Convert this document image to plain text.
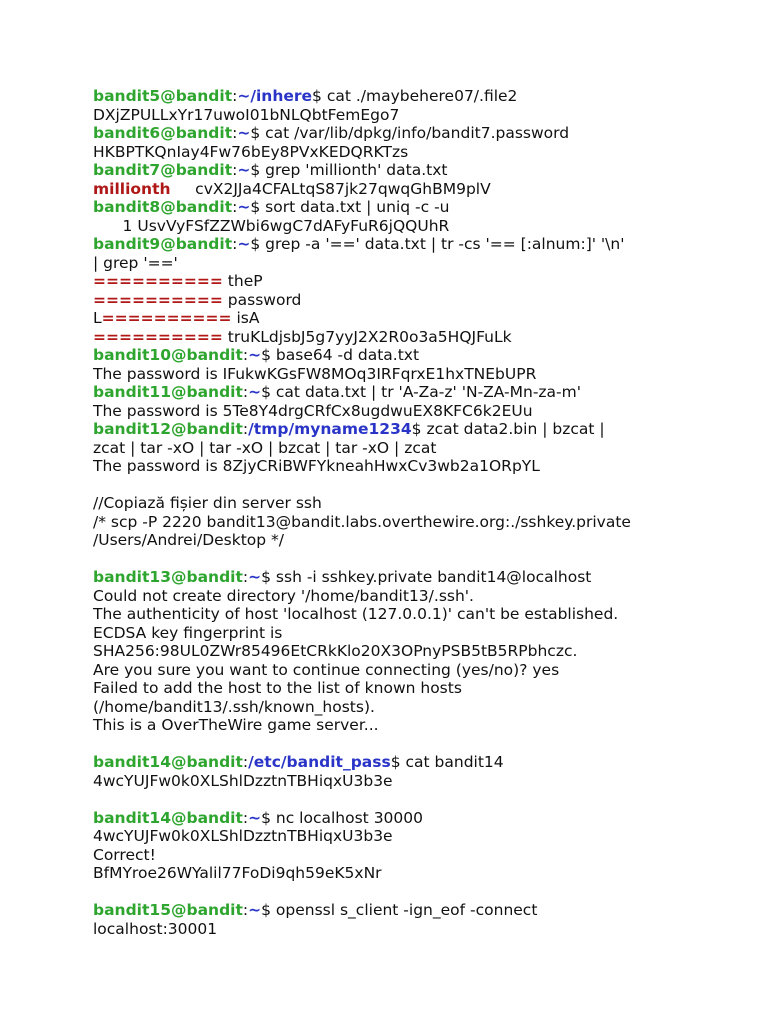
bandit5@bandit:~/inhere$ cat ./maybehere07/.file2
DXjZPULLxYr17uwoI01bNLQbtFemEgo7
bandit6@bandit:~$ cat /var/lib/dpkg/info/bandit7.password
HKBPTKQnIay4Fw76bEy8PVxKEDQRKTzs
bandit7@bandit:~$ grep 'millionth' data.txt
millionth     cvX2JJa4CFALtqS87jk27qwqGhBM9plV
bandit8@bandit:~$ sort data.txt | uniq -c -u
1 UsvVyFSfZZWbi6wgC7dAFyFuR6jQQUhR
bandit9@bandit:~$ grep -a '==' data.txt | tr -cs '== [:alnum:]' '\n'
| grep '=='
========== theP
========== password
L========== isA
========== truKLdjsbJ5g7yyJ2X2R0o3a5HQJFuLk
bandit10@bandit:~$ base64 -d data.txt
The password is IFukwKGsFW8MOq3IRFqrxE1hxTNEbUPR
bandit11@bandit:~$ cat data.txt | tr 'A-Za-z' 'N-ZA-Mn-za-m'
The password is 5Te8Y4drgCRfCx8ugdwuEX8KFC6k2EUu
bandit12@bandit:/tmp/myname1234$ zcat data2.bin | bzcat |
zcat | tar -xO | tar -xO | bzcat | tar -xO | zcat
The password is 8ZjyCRiBWFYkneahHwxCv3wb2a1ORpYL
//Copiază fișier din server ssh
/* scp -P 2220 bandit13@bandit.labs.overthewire.org:./sshkey.private
/Users/Andrei/Desktop */
bandit13@bandit:~$ ssh -i sshkey.private bandit14@localhost
Could not create directory '/home/bandit13/.ssh'.
The authenticity of host 'localhost (127.0.0.1)' can't be established.
ECDSA key fingerprint is
SHA256:98UL0ZWr85496EtCRkKlo20X3OPnyPSB5tB5RPbhczc.
Are you sure you want to continue connecting (yes/no)? yes
Failed to add the host to the list of known hosts
(/home/bandit13/.ssh/known_hosts).
This is a OverTheWire game server...
bandit14@bandit:/etc/bandit_pass$ cat bandit14
4wcYUJFw0k0XLShlDzztnTBHiqxU3b3e
bandit14@bandit:~$ nc localhost 30000
4wcYUJFw0k0XLShlDzztnTBHiqxU3b3e
Correct!
BfMYroe26WYalil77FoDi9qh59eK5xNr
bandit15@bandit:~$ openssl s_client -ign_eof -connect
localhost:30001
